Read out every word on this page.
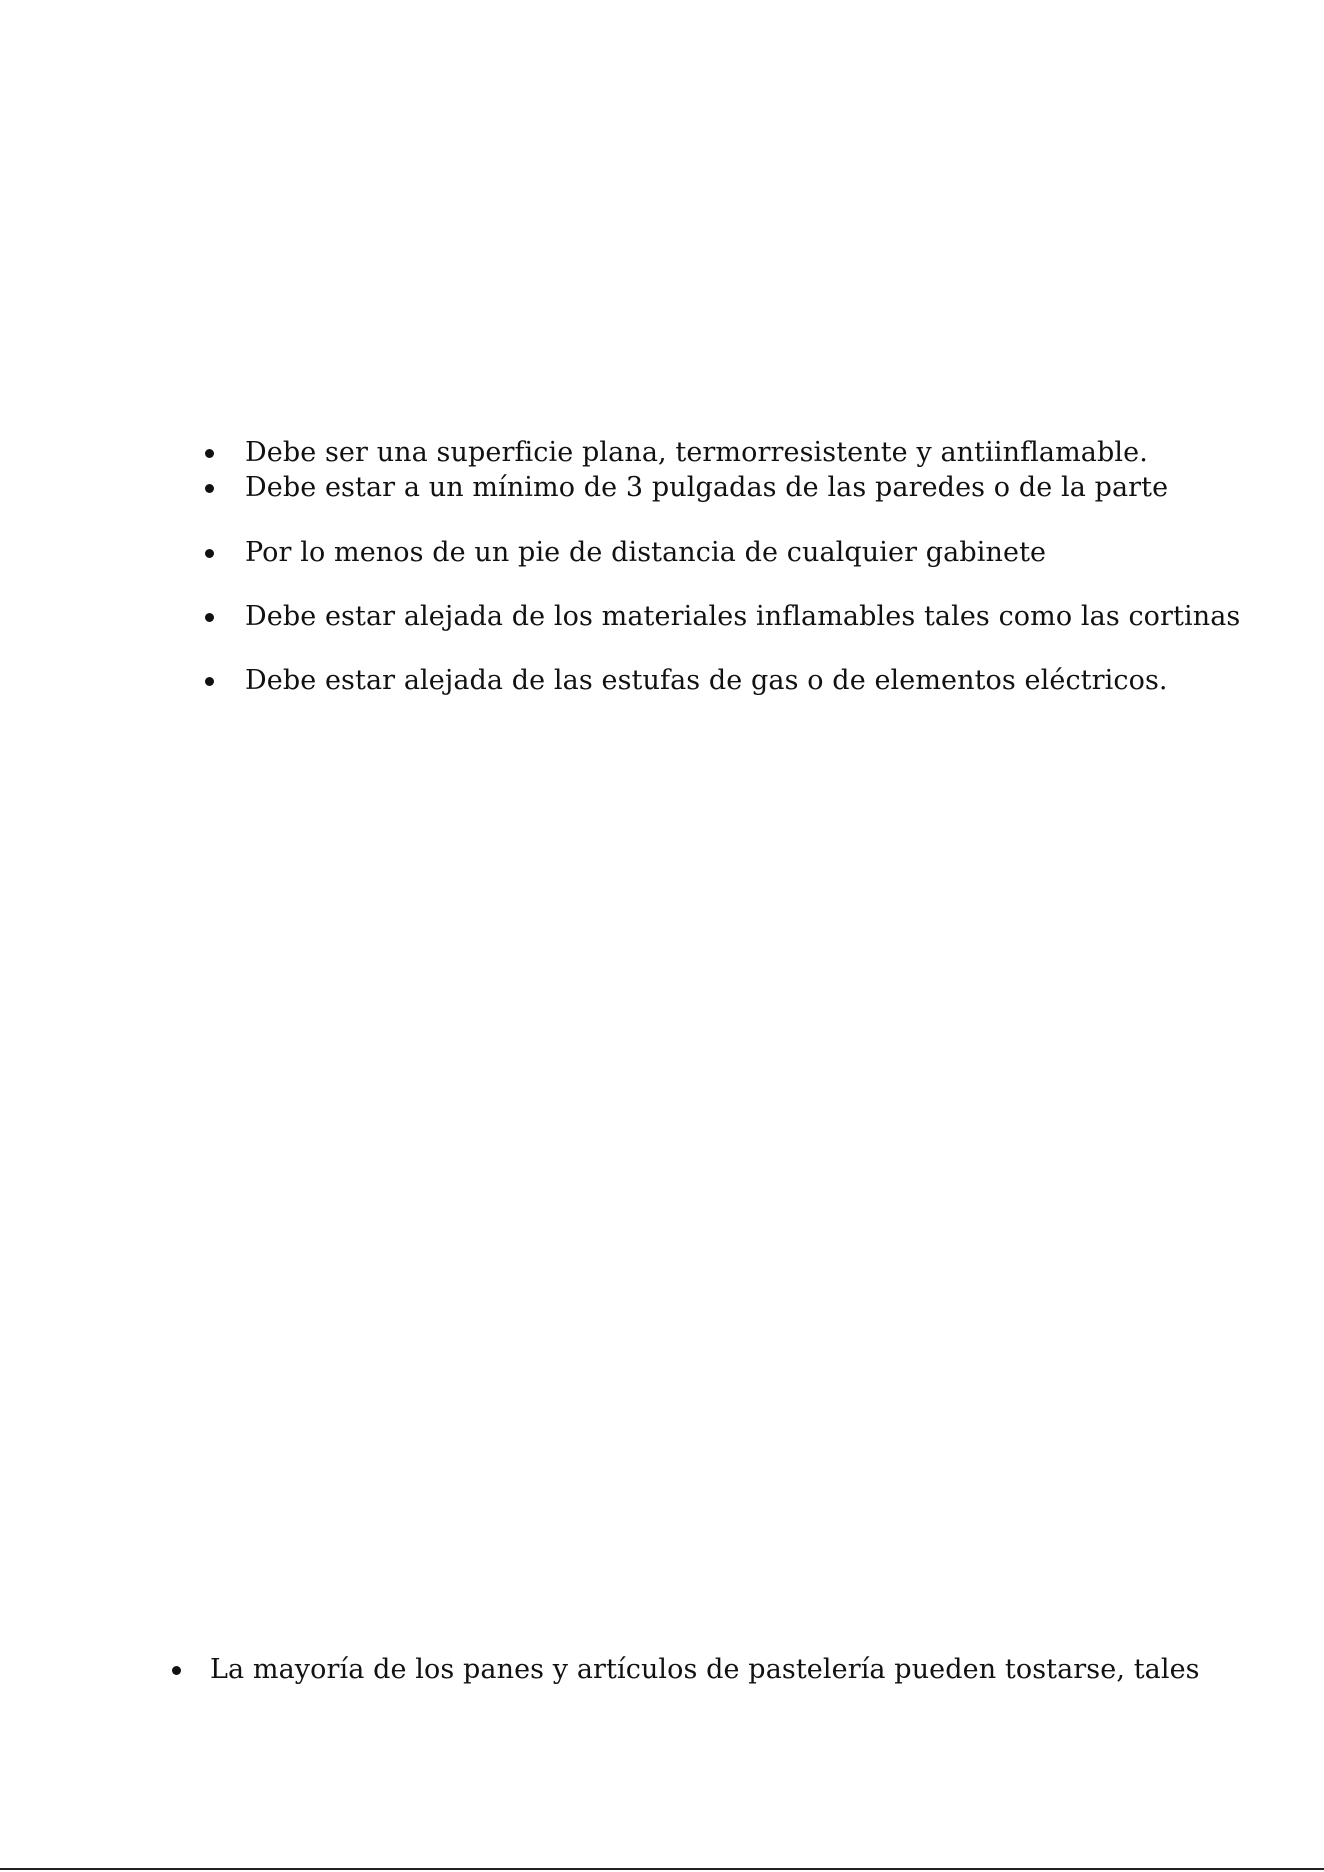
Debe ser una superficie plana, termorresistente y antiinflamable.
Debe estar a un mínimo de 3 pulgadas de las paredes o de la parte
Por lo menos de un pie de distancia de cualquier gabinete
Debe estar alejada de los materiales inflamables tales como las cortinas
Debe estar alejada de las estufas de gas o de elementos eléctricos.
La mayoría de los panes y artículos de pastelería pueden tostarse, tales
